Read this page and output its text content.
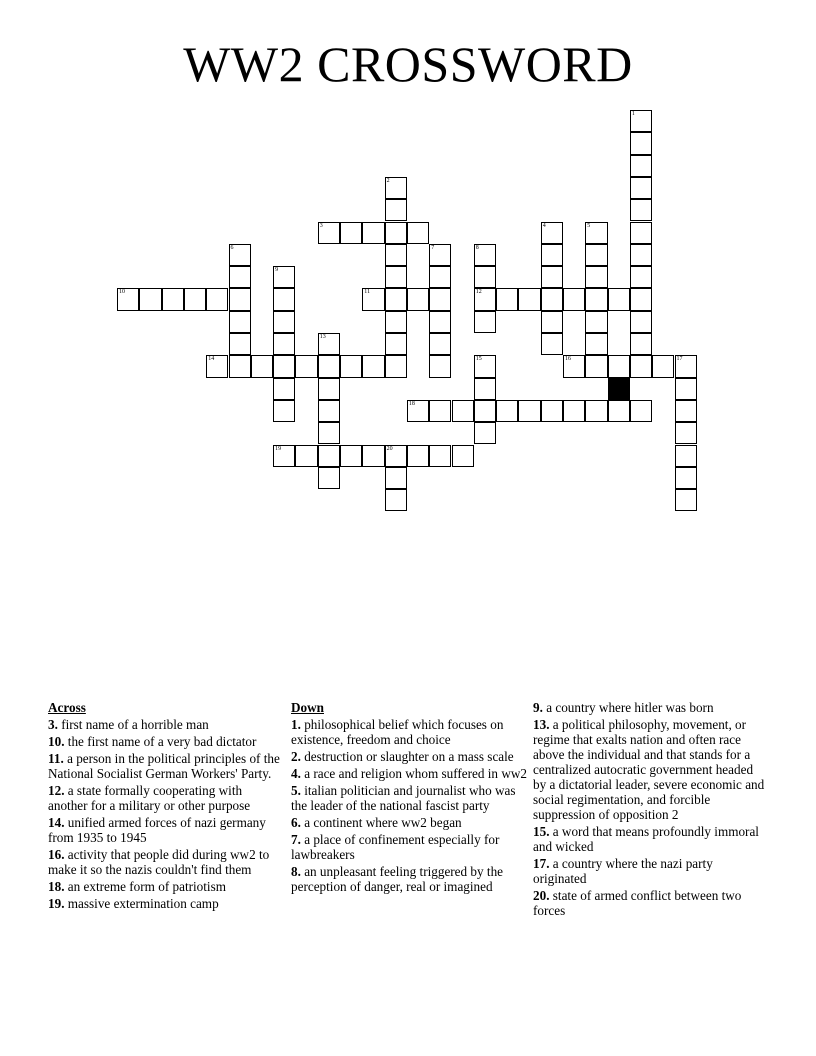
WW2 CROSSWORD
1
2
3	4	5
6	7	8
12
9
10	11
13
14	15	16	17
18
19	20
Across
3. first name of a horrible man
10. the first name of a very bad dictator
11. a person in the political principles of the National Socialist German Workers' Party.
12. a state formally cooperating with another for a military or other purpose
14. unified armed forces of nazi germany from 1935 to 1945
16. activity that people did during ww2 to make it so the nazis couldn't find them
18. an extreme form of patriotism
19. massive extermination camp
Down
1. philosophical belief which focuses on existence, freedom and choice
2. destruction or slaughter on a mass scale
4. a race and religion whom suffered in ww2
5. italian politician and journalist who was the leader of the national fascist party
6. a continent where ww2 began
7. a place of confinement especially for lawbreakers
8. an unpleasant feeling triggered by the perception of danger, real or imagined
9. a country where hitler was born
13. a political philosophy, movement, or regime that exalts nation and often race above the individual and that stands for a centralized autocratic government headed by a dictatorial leader, severe economic and social regimentation, and forcible suppression of opposition 2
15. a word that means profoundly immoral and wicked
17. a country where the nazi party originated
20. state of armed conflict between two forces
